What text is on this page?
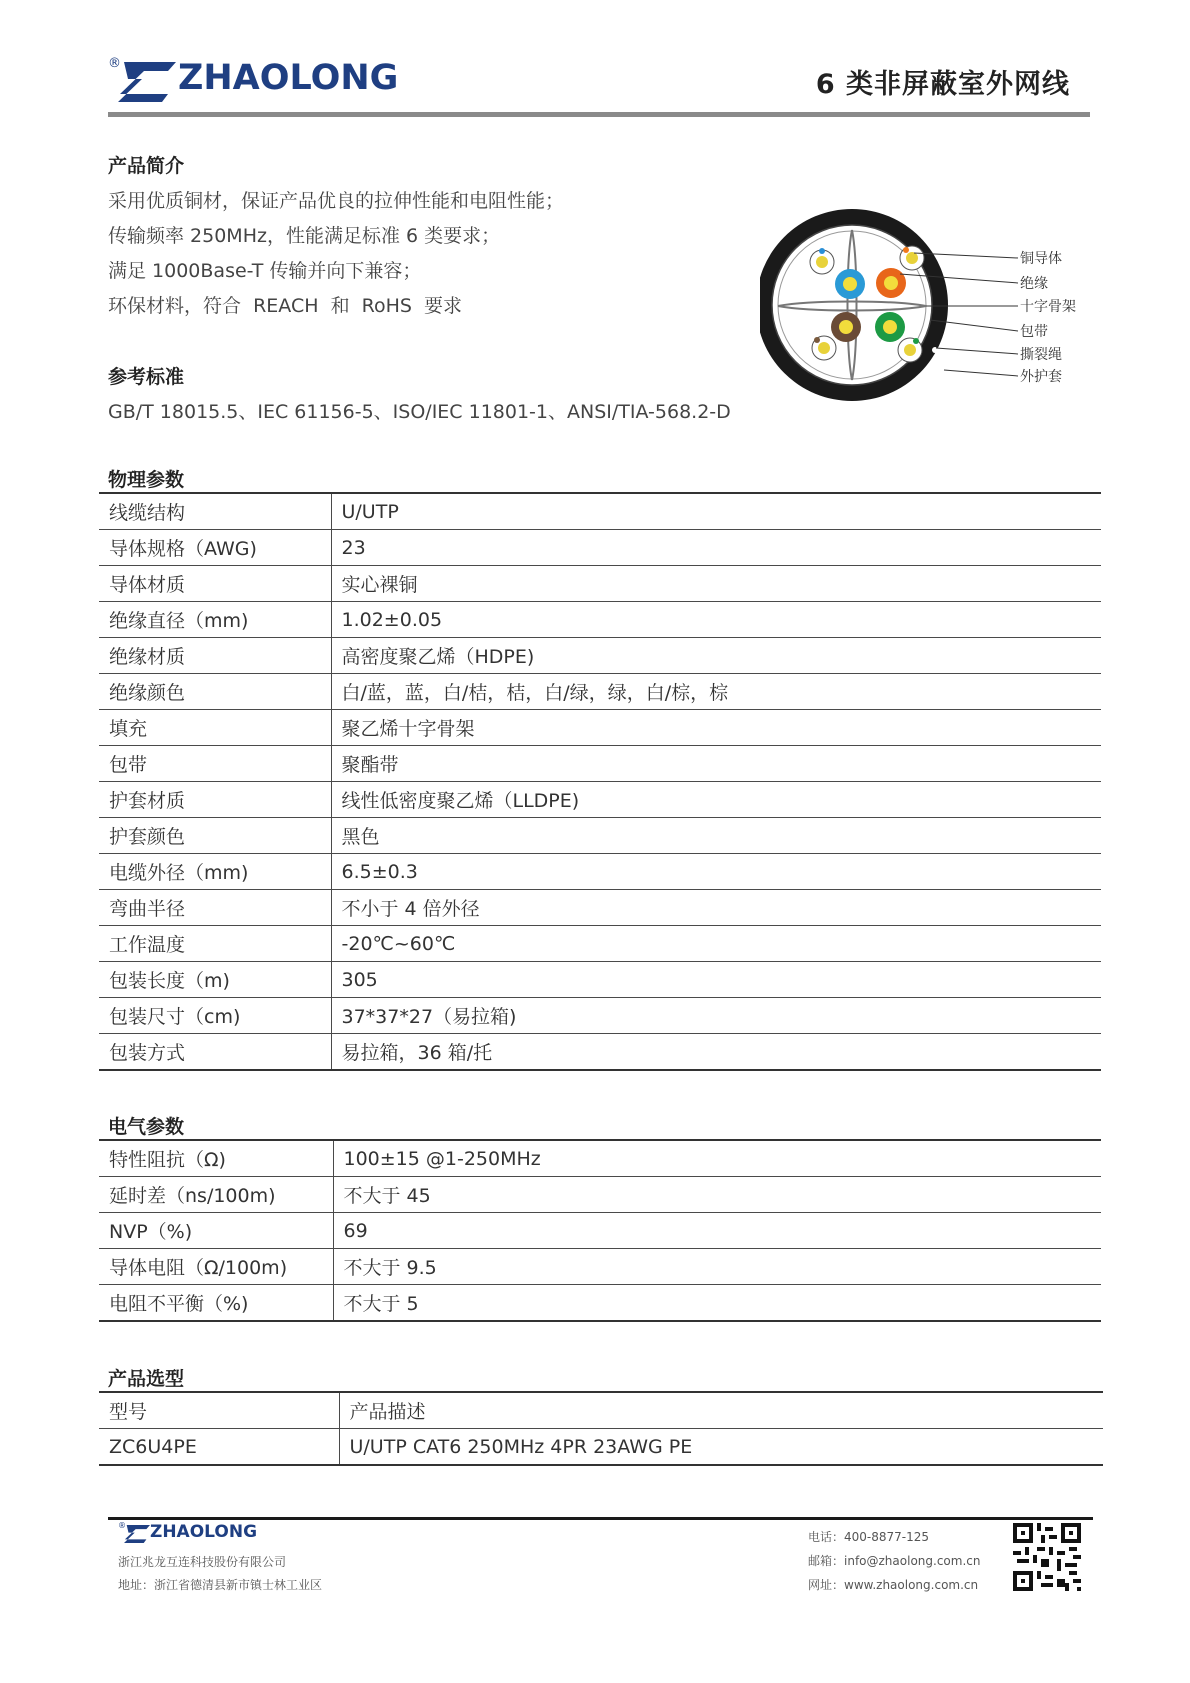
® ZHAOLONG	6 类非屏蔽室外网线
产品简介
采用优质铜材，保证产品优良的拉伸性能和电阻性能；
传输频率 250MHz，性能满足标准 6 类要求；
满足 1000Base-T 传输并向下兼容；
环保材料，符合  REACH  和  RoHS  要求
参考标准
GB/T 18015.5、IEC 61156-5、ISO/IEC 11801-1、ANSI/TIA-568.2-D
铜导体
绝缘
十字骨架
包带
撕裂绳
外护套
物理参数
线缆结构	U/UTP
导体规格（AWG)	23
导体材质	实心裸铜
绝缘直径（mm)	1.02±0.05
绝缘材质	高密度聚乙烯（HDPE)
绝缘颜色	白/蓝，蓝，白/桔，桔，白/绿，绿，白/棕，棕
填充	聚乙烯十字骨架
包带	聚酯带
护套材质	线性低密度聚乙烯（LLDPE)
护套颜色	黑色
电缆外径（mm)	6.5±0.3
弯曲半径	不小于 4 倍外径
工作温度	-20℃~60℃
包装长度（m)	305
包装尺寸（cm)	37*37*27（易拉箱)
包装方式	易拉箱，36 箱/托
电气参数
特性阻抗（Ω)	100±15 @1-250MHz
延时差（ns/100m)	不大于 45
NVP（%)	69
导体电阻（Ω/100m)	不大于 9.5
电阻不平衡（%)	不大于 5
产品选型
型号	产品描述
ZC6U4PE	U/UTP CAT6 250MHz 4PR 23AWG PE
® ZHAOLONG
浙江兆龙互连科技股份有限公司
地址：浙江省德清县新市镇士林工业区
电话：400-8877-125
邮箱：info@zhaolong.com.cn
网址：www.zhaolong.com.cn
